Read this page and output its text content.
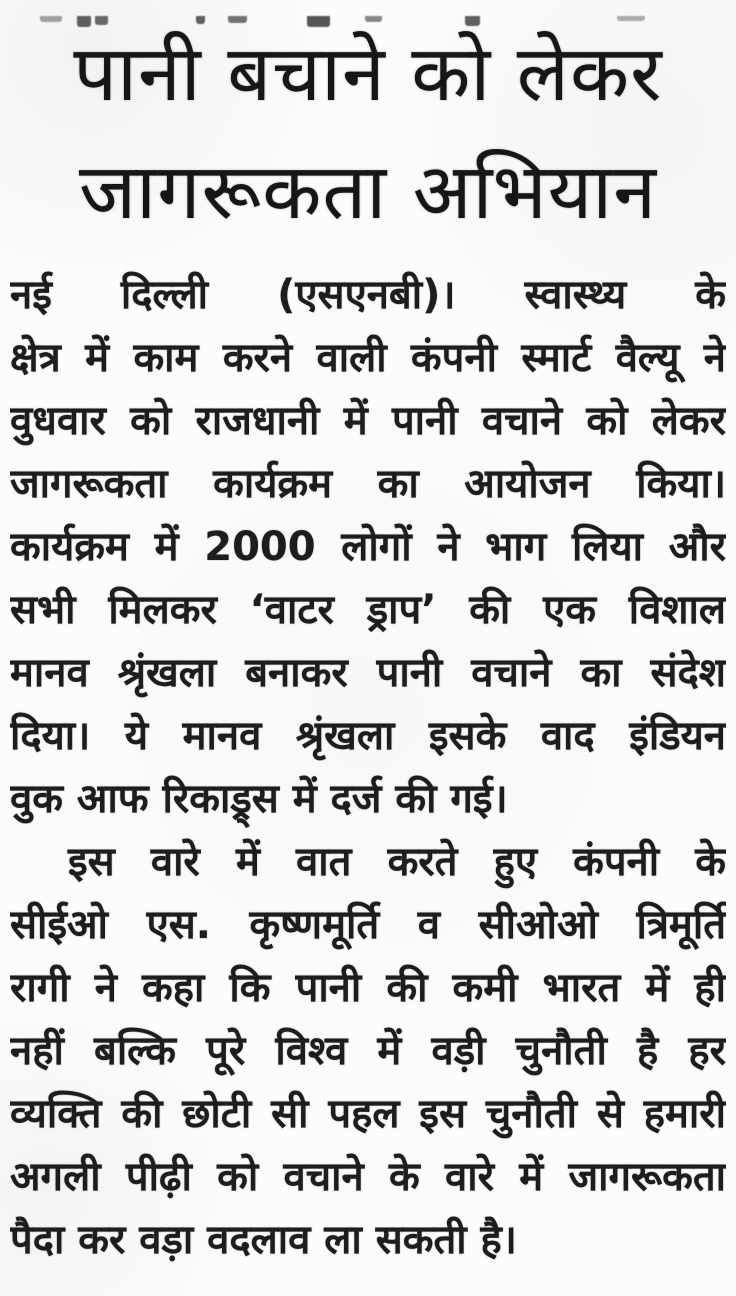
पानी बचाने को लेकर
जागरूकता अभियान
नई दिल्ली (एसएनबी)। स्वास्थ्य के
क्षेत्र में काम करने वाली कंपनी स्मार्ट वैल्यू ने
वुधवार को राजधानी में पानी वचाने को लेकर
जागरूकता कार्यक्रम का आयोजन किया।
कार्यक्रम में 2000 लोगों ने भाग लिया और
सभी मिलकर ‘वाटर ड्राप’ की एक विशाल
मानव श्रृंखला बनाकर पानी वचाने का संदेश
दिया। ये मानव श्रृंखला इसके वाद इंडियन
वुक आफ रिकाड्र्स में दर्ज की गई।
इस वारे में वात करते हुए कंपनी के
सीईओ एस. कृष्णमूर्ति व सीओओ त्रिमूर्ति
रागी ने कहा कि पानी की कमी भारत में ही
नहीं बल्कि पूरे विश्व में वड़ी चुनौती है हर
व्यक्ति की छोटी सी पहल इस चुनौती से हमारी
अगली पीढ़ी को वचाने के वारे में जागरूकता
पैदा कर वड़ा वदलाव ला सकती है।
